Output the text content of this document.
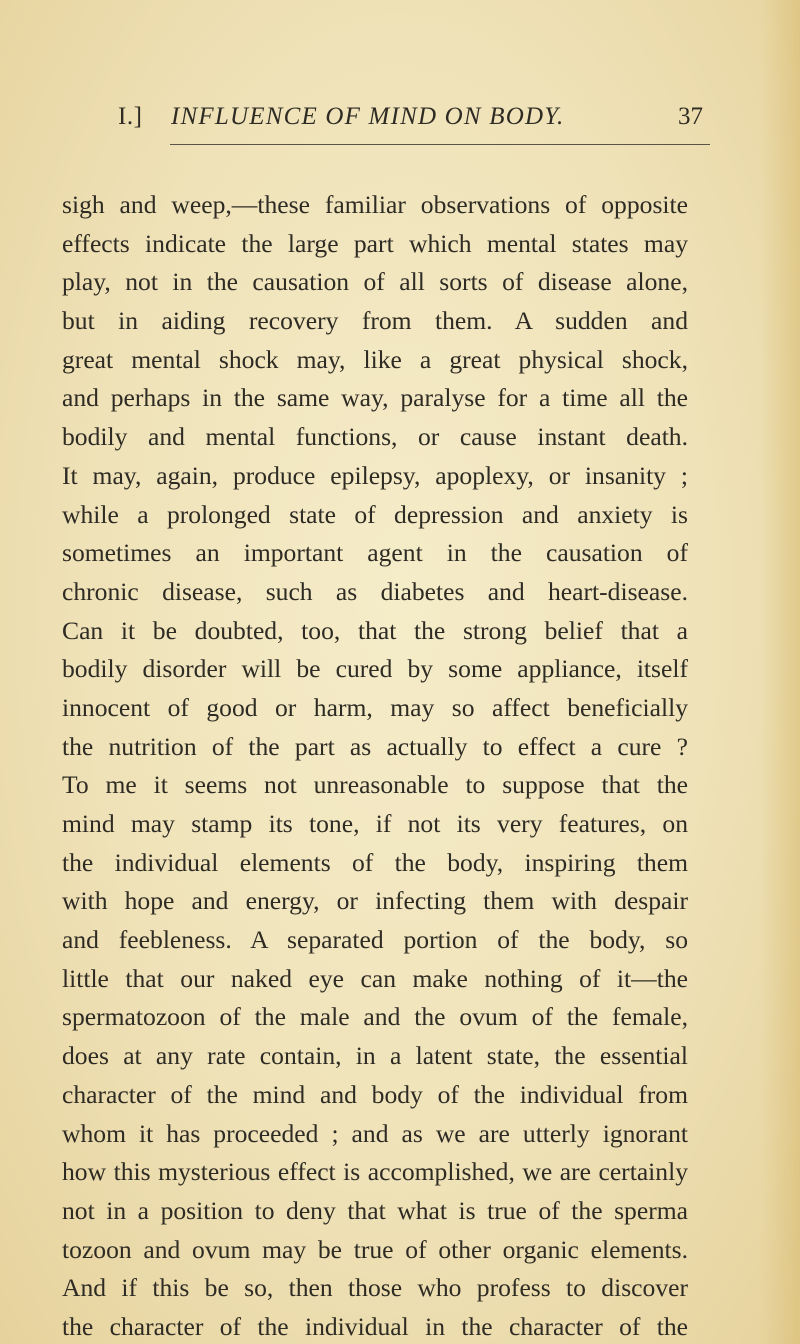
I.] INFLUENCE OF MIND ON BODY.	37
sigh and weep,—these familiar observations of opposite
effects indicate the large part which mental states may
play, not in the causation of all sorts of disease alone,
but in aiding recovery from them. A sudden and
great mental shock may, like a great physical shock,
and perhaps in the same way, paralyse for a time all the
bodily and mental functions, or cause instant death.
It may, again, produce epilepsy, apoplexy, or insanity ;
while a prolonged state of depression and anxiety is
sometimes an important agent in the causation of
chronic disease, such as diabetes and heart-disease.
Can it be doubted, too, that the strong belief that a
bodily disorder will be cured by some appliance, itself
innocent of good or harm, may so affect beneficially
the nutrition of the part as actually to effect a cure ?
To me it seems not unreasonable to suppose that the
mind may stamp its tone, if not its very features, on
the individual elements of the body, inspiring them
with hope and energy, or infecting them with despair
and feebleness. A separated portion of the body, so
little that our naked eye can make nothing of it—the
spermatozoon of the male and the ovum of the female,
does at any rate contain, in a latent state, the essential
character of the mind and body of the individual from
whom it has proceeded ; and as we are utterly ignorant
how this mysterious effect is accomplished, we are certainly
not in a position to deny that what is true of the sperma
tozoon and ovum may be true of other organic elements.
And if this be so, then those who profess to discover
the character of the individual in the character of the
